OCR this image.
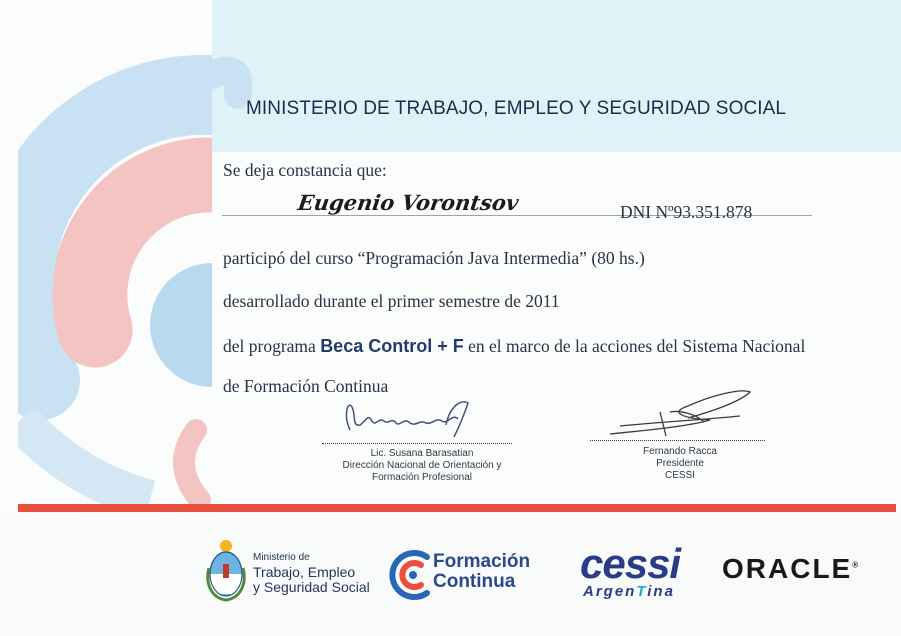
MINISTERIO DE TRABAJO, EMPLEO Y SEGURIDAD SOCIAL
Se deja constancia que:
Eugenio Vorontsov	DNI Nº93.351.878
participó del curso “Programación Java Intermedia” (80 hs.)
desarrollado durante el primer semestre de 2011
del programa Beca Control + F en el marco de la acciones del Sistema Nacional
de Formación Continua
Lic. Susana Barasatian
Dirección Nacional de Orientación y
Formación Profesional
Fernando Racca
Presidente
CESSI
Ministerio de
Trabajo, Empleo
y Seguridad Social
Formación
Continua	cessi
ArgenTina
ORACLE®
